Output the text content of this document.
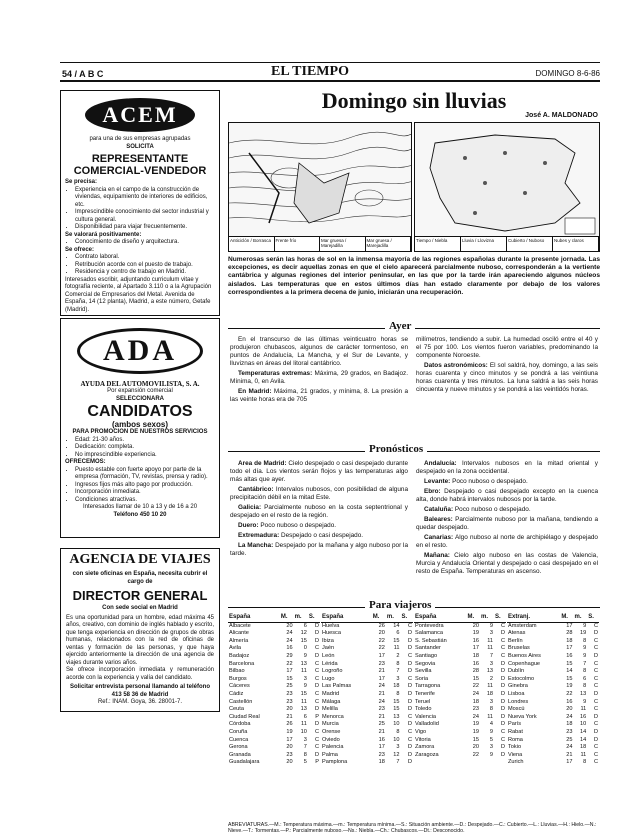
54 / A B C	EL TIEMPO	DOMINGO 8-6-86
ACEM

para una de sus empresas agrupadas

SOLICITA

REPRESENTANTE COMERCIAL-VENDEDOR

Se precisa:

• Experiencia en el campo de la construcción de viviendas, equipamiento de interiores de edificios, etc.
• Imprescindible conocimiento del sector industrial y cultura general.
• Disponibilidad para viajar frecuentemente.

Se valorará positivamente:

• Conocimiento de diseño y arquitectura.

Se ofrece:

• Contrato laboral.
• Retribución acorde con el puesto de trabajo.
• Residencia y centro de trabajo en Madrid.

Interesados escribir, adjuntando curriculum vitae y fotografía reciente, al Apartado 3.110 o a la Agrupación Comercial de Empresarios del Metal. Avenida de España, 14 (12 planta), Madrid, a este número, Getafe (Madrid).

ADA

AYUDA DEL AUTOMOVILISTA, S. A.

Por expansión comercial

SELECCIONARA

CANDIDATOS

(ambos sexos)

PARA PROMOCION DE NUESTROS SERVICIOS

• Edad: 21-30 años.
• Dedicación: completa.
• No imprescindible experiencia.

OFRECEMOS:

• Puesto estable con fuerte apoyo por parte de la empresa (formación, TV, revistas, prensa y radio).
• Ingresos fijos más alto pago por producción.
• Incorporación inmediata.
• Condiciones atractivas.

Interesados llamar de 10 a 13 y de 16 a 20

Teléfono 450 10 20

AGENCIA DE VIAJES

con siete oficinas en España, necesita cubrir el cargo de

DIRECTOR GENERAL

Con sede social en Madrid

Es una oportunidad para un hombre, edad máxima 45 años, creativo, con dominio de inglés hablado y escrito, que tenga experiencia en dirección de grupos de obras humanas, relacionados con la red de oficinas de ventas y formación de las personas, y que haya ejercido anteriormente la dirección de una agencia de viajes durante varios años.

Se ofrece incorporación inmediata y remuneración acorde con la experiencia y valía del candidato.

Solicitar entrevista personal llamando al teléfono 413 58 36 de Madrid

Ref.: INAM. Goya, 36. 28001-7.

Domingo sin lluvias
José A. MALDONADO
Anticiclón / Borrasca Frente frío	Mar gruesa / Marejadilla
Mar gruesa / Marejadilla
Tiempo / Niebla	Lluvia / Llovizna	Cubierto / Nuboso	Nubes y claros
Numerosas serán las horas de sol en la inmensa mayoría de las regiones españolas durante la presente jornada. Las excepciones, es decir aquellas zonas en que el cielo aparecerá parcialmente nuboso, corresponderán a la vertiente cantábrica y algunas regiones del interior peninsular, en las que por la tarde irán apareciendo algunos núcleos aislados. Las temperaturas que en estos últimos días han estado claramente por debajo de los valores correspondientes a la primera decena de junio, iniciarán una recuperación.
Ayer

En el transcurso de las últimas veinticuatro horas se produjeron chubascos, algunos de carácter tormentoso, en puntos de Andalucía, La Mancha, y el Sur de Levante, y lluviznas en áreas del litoral cantábrico.

Temperaturas extremas: Máxima, 29 grados, en Badajoz. Mínima, 0, en Avila.

En Madrid: Máxima, 21 grados, y mínima, 8. La presión a las veinte horas era de 705

milímetros, tendiendo a subir. La humedad osciló entre el 40 y el 75 por 100. Los vientos fueron variables, predominando la componente Noroeste.

Datos astronómicos: El sol saldrá, hoy, domingo, a las seis horas cuarenta y cinco minutos y se pondrá a las veintiuna horas cuarenta y tres minutos. La luna saldrá a las seis horas cincuenta y nueve minutos y se pondrá a las veintidós horas.

Pronósticos

Area de Madrid: Cielo despejado o casi despejado durante todo el día. Los vientos serán flojos y las temperaturas algo más altas que ayer.

Cantábrico: Intervalos nubosos, con posibilidad de alguna precipitación débil en la mitad Este.

Galicia: Parcialmente nuboso en la costa septentrional y despejado en el resto de la región.

Duero: Poco nuboso o despejado.

Extremadura: Despejado o casi despejado.

La Mancha: Despejado por la mañana y algo nuboso por la tarde.

Andalucía: Intervalos nubosos en la mitad oriental y despejado en la zona occidental.

Levante: Poco nuboso o despejado.

Ebro: Despejado o casi despejado excepto en la cuenca alta, donde habrá intervalos nubosos por la tarde.

Cataluña: Poco nuboso o despejado.

Baleares: Parcialmente nuboso por la mañana, tendiendo a quedar despejado.

Canarias: Algo nuboso al norte de archipiélago y despejado en el resto.

Mañana: Cielo algo nuboso en las costas de Valencia, Murcia y Andalucía Oriental y despejado o casi despejado en el resto de España. Temperaturas en ascenso.

Para viajeros
España	M.	m.	S.
Albacete	20	6	D
Alicante	24	12	D
Almería	24	15	D
Avila	16	0	C
Badajoz	29	9	D
Barcelona	22	13	C
Bilbao	17	11	C
Burgos	15	3	C
Cáceres	25	9	D
Cádiz	23	15	C
Castellón	23	11	C
Ceuta	20	13	D
Ciudad Real	21	6	P
Córdoba	26	11	D
Coruña	19	10	C
Cuenca	17	3	C
Gerona	20	7	C
Granada	23	8	D
Guadalajara	20	5	P
España	M.	m.	S.
Huelva	26	14	C
Huesca	20	6	D
Ibiza	22	15	D
Jaén	22	11	D
León	17	2	C
Lérida	23	8	D
Logroño	21	7	D
Lugo	17	3	C
Las Palmas	24	18	D
Madrid	21	8	D
Málaga	24	15	D
Melilla	23	15	D
Menorca	21	13	C
Murcia	25	10	D
Orense	21	8	C
Oviedo	16	10	C
Palencia	17	3	D
Palma	23	12	D
Pamplona	18	7	D
España	M.	m.	S.
Pontevedra	20	9	C
Salamanca	19	3	D
S. Sebastián	16	11	C
Santander	17	11	C
Santiago	18	7	C
Segovia	16	3	D
Sevilla	28	13	D
Soria	15	2	D
Tarragona	22	11	D
Tenerife	24	18	D
Teruel	18	3	D
Toledo	23	8	D
Valencia	24	11	D
Valladolid	19	4	D
Vigo	19	9	C
Vitoria	15	5	C
Zamora	20	3	D
Zaragoza	22	9	D
Extranj.	M.	m.	S.
Amsterdam	17	9	C
Atenas	28	19	D
Berlín	18	8	C
Bruselas	17	9	C
Buenos Aires	16	9	D
Copenhague	15	7	C
Dublín	14	8	C
Estocolmo	15	6	C
Ginebra	19	8	C
Lisboa	22	13	D
Londres	16	9	C
Moscú	20	11	C
Nueva York	24	16	D
París	18	10	C
Rabat	23	14	D
Roma	25	14	D
Tokio	24	18	C
Viena	21	11	C
Zurich	17	8	C
ABREVIATURAS.—M.: Temperatura máxima.—m.: Temperatura mínima.—S.: Situación ambiente.—D.: Despejado.—C.: Cubierto.—L.: Lluvias.—H.: Hielo.—N.: Nieve.—T.: Tormentas.—P.: Parcialmente nuboso.—Ns.: Niebla.—Ch.: Chubascos.—Dt.: Desconocido.
